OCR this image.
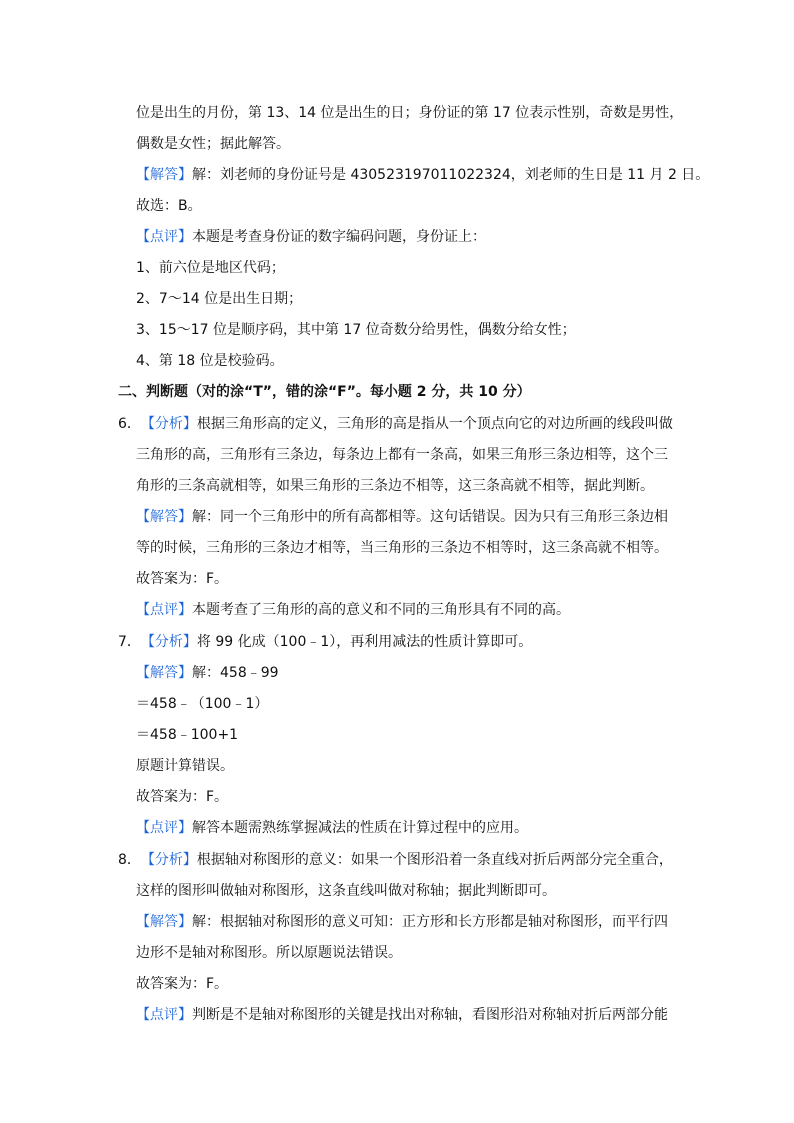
位是出生的月份，第 13、14 位是出生的日；身份证的第 17 位表示性别，奇数是男性，
偶数是女性；据此解答。
【解答】解：刘老师的身份证号是 430523197011022324，刘老师的生日是 11 月 2 日。
故选：B。
【点评】本题是考查身份证的数字编码问题，身份证上：
1、前六位是地区代码；
2、7～14 位是出生日期；
3、15～17 位是顺序码，其中第 17 位奇数分给男性，偶数分给女性；
4、第 18 位是校验码。
二、判断题（对的涂“T”，错的涂“F”。每小题 2 分，共 10 分）
6．【分析】根据三角形高的定义，三角形的高是指从一个顶点向它的对边所画的线段叫做
三角形的高，三角形有三条边，每条边上都有一条高，如果三角形三条边相等，这个三
角形的三条高就相等，如果三角形的三条边不相等，这三条高就不相等，据此判断。
【解答】解：同一个三角形中的所有高都相等。这句话错误。因为只有三角形三条边相
等的时候，三角形的三条边才相等，当三角形的三条边不相等时，这三条高就不相等。
故答案为：F。
【点评】本题考查了三角形的高的意义和不同的三角形具有不同的高。
7．【分析】将 99 化成（100﹣1），再利用减法的性质计算即可。
【解答】解：458﹣99
＝458﹣（100﹣1）
＝458﹣100+1
原题计算错误。
故答案为：F。
【点评】解答本题需熟练掌握减法的性质在计算过程中的应用。
8．【分析】根据轴对称图形的意义：如果一个图形沿着一条直线对折后两部分完全重合，
这样的图形叫做轴对称图形，这条直线叫做对称轴；据此判断即可。
【解答】解：根据轴对称图形的意义可知：正方形和长方形都是轴对称图形，而平行四
边形不是轴对称图形。所以原题说法错误。
故答案为：F。
【点评】判断是不是轴对称图形的关键是找出对称轴，看图形沿对称轴对折后两部分能
